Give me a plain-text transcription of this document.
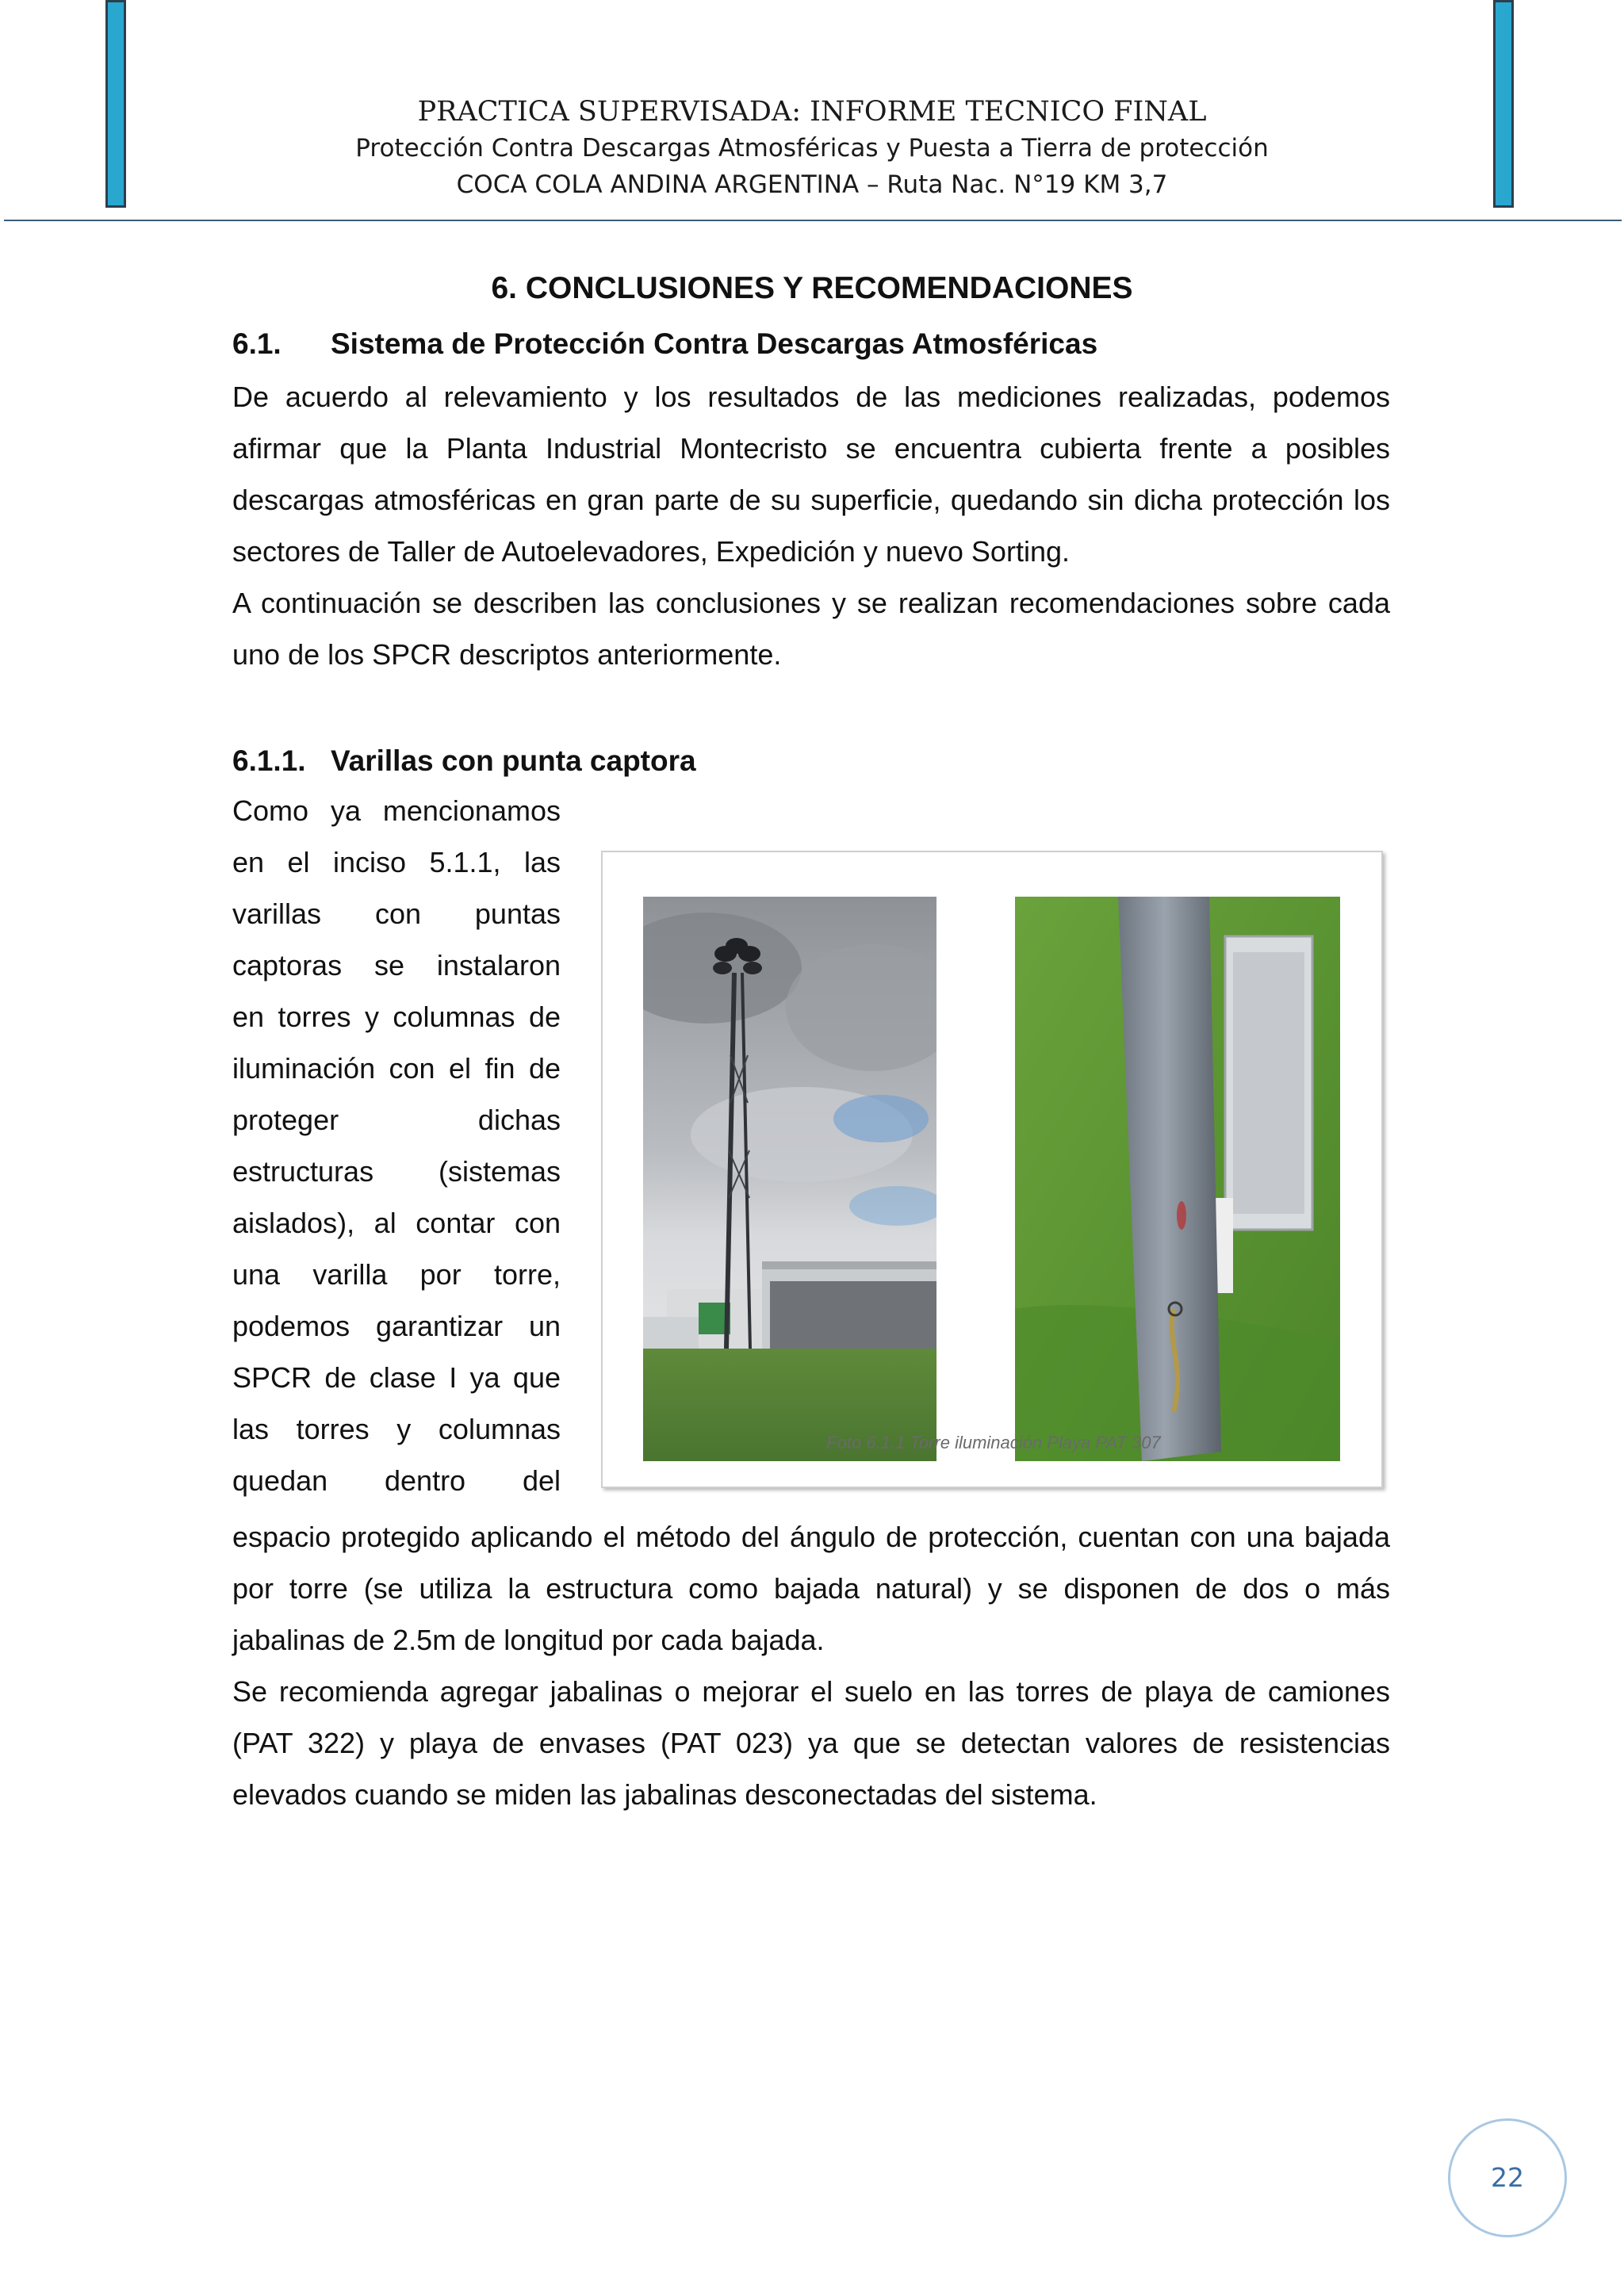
PRACTICA SUPERVISADA: INFORME TECNICO FINAL
Protección Contra Descargas Atmosféricas y Puesta a Tierra de protección
COCA COLA ANDINA ARGENTINA – Ruta Nac. N°19 KM 3,7
6. CONCLUSIONES Y RECOMENDACIONES
6.1. Sistema de Protección Contra Descargas Atmosféricas
De acuerdo al relevamiento y los resultados de las mediciones realizadas, podemos afirmar que la Planta Industrial Montecristo se encuentra cubierta frente a posibles descargas atmosféricas en gran parte de su superficie, quedando sin dicha protección los sectores de Taller de Autoelevadores, Expedición y nuevo Sorting.
A continuación se describen las conclusiones y se realizan recomendaciones sobre cada uno de los SPCR descriptos anteriormente.
6.1.1. Varillas con punta captora
Como ya mencionamos
en el inciso 5.1.1, las
varillas con puntas
captoras se instalaron
en torres y columnas de
iluminación con el fin de
proteger dichas
estructuras (sistemas
aislados), al contar con
una varilla por torre,
podemos garantizar un
SPCR de clase I ya que
las torres y columnas
quedan dentro del
Foto 6.1.1 Torre iluminación Playa PAT 307
espacio protegido aplicando el método del ángulo de protección, cuentan con una bajada por torre (se utiliza la estructura como bajada natural) y se disponen de dos o más jabalinas de 2.5m de longitud por cada bajada.
Se recomienda agregar jabalinas o mejorar el suelo en las torres de playa de camiones (PAT 322) y playa de envases (PAT 023) ya que se detectan valores de resistencias elevados cuando se miden las jabalinas desconectadas del sistema.
22
